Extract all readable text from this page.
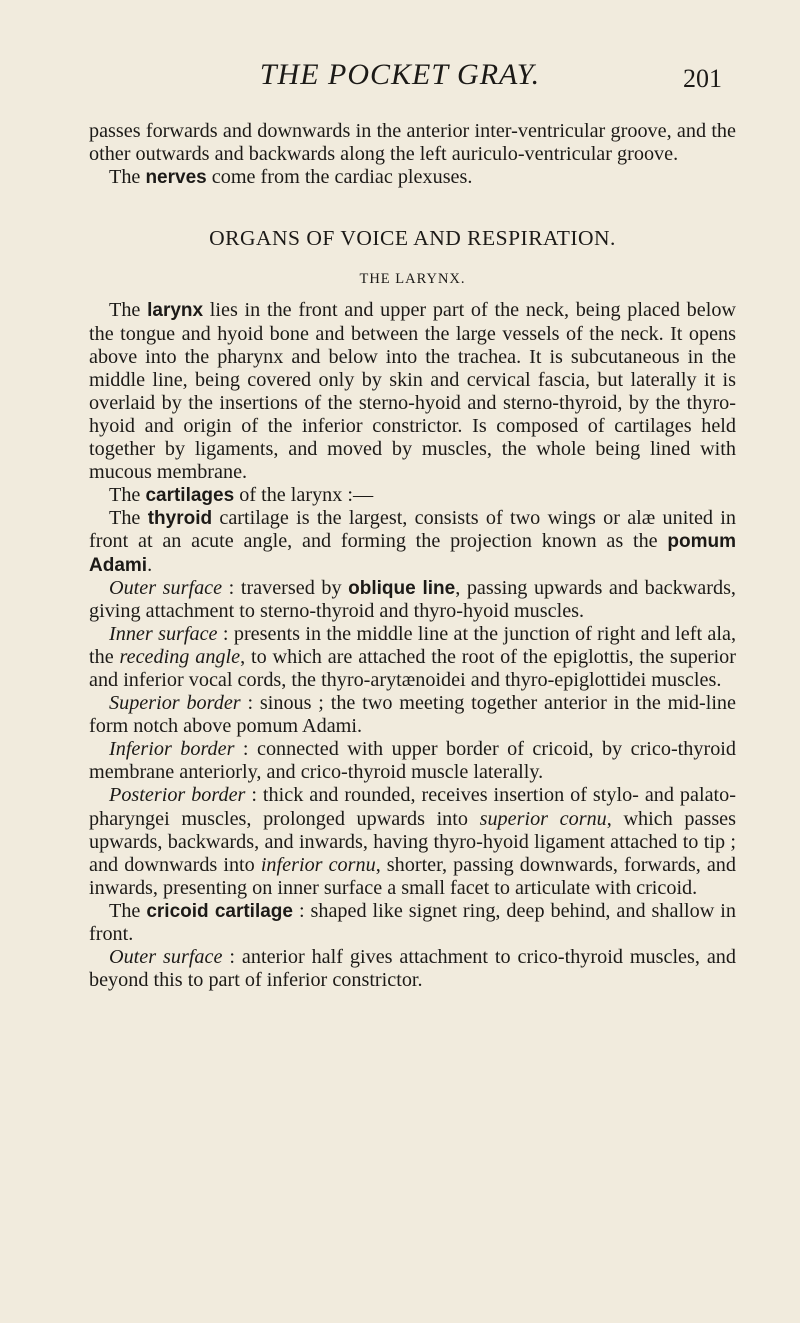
THE POCKET GRAY.	201

passes forwards and downwards in the anterior inter-ventricular groove, and the other outwards and backwards along the left auriculo-ventricular groove.

The nerves come from the cardiac plexuses.

ORGANS OF VOICE AND RESPIRATION.
THE LARYNX.

The larynx lies in the front and upper part of the neck, being placed below the tongue and hyoid bone and between the large vessels of the neck. It opens above into the pharynx and below into the trachea. It is subcutaneous in the middle line, being covered only by skin and cervical fascia, but laterally it is overlaid by the insertions of the sterno-hyoid and sterno-thyroid, by the thyro-hyoid and origin of the inferior constrictor. Is composed of cartilages held together by ligaments, and moved by muscles, the whole being lined with mucous membrane.

The cartilages of the larynx :—

The thyroid cartilage is the largest, consists of two wings or alæ united in front at an acute angle, and forming the projection known as the pomum Adami.

Outer surface : traversed by oblique line, passing upwards and backwards, giving attachment to sterno-thyroid and thyro-hyoid muscles.

Inner surface : presents in the middle line at the junction of right and left ala, the receding angle, to which are attached the root of the epiglottis, the superior and inferior vocal cords, the thyro-arytænoidei and thyro-epiglottidei muscles.

Superior border : sinous ; the two meeting together anterior in the mid-line form notch above pomum Adami.

Inferior border : connected with upper border of cricoid, by crico-thyroid membrane anteriorly, and crico-thyroid muscle laterally.

Posterior border : thick and rounded, receives insertion of stylo- and palato-pharyngei muscles, prolonged upwards into superior cornu, which passes upwards, backwards, and inwards, having thyro-hyoid ligament attached to tip ; and downwards into inferior cornu, shorter, passing downwards, forwards, and inwards, presenting on inner surface a small facet to articulate with cricoid.

The cricoid cartilage : shaped like signet ring, deep behind, and shallow in front.

Outer surface : anterior half gives attachment to crico-thyroid muscles, and beyond this to part of inferior constrictor.
